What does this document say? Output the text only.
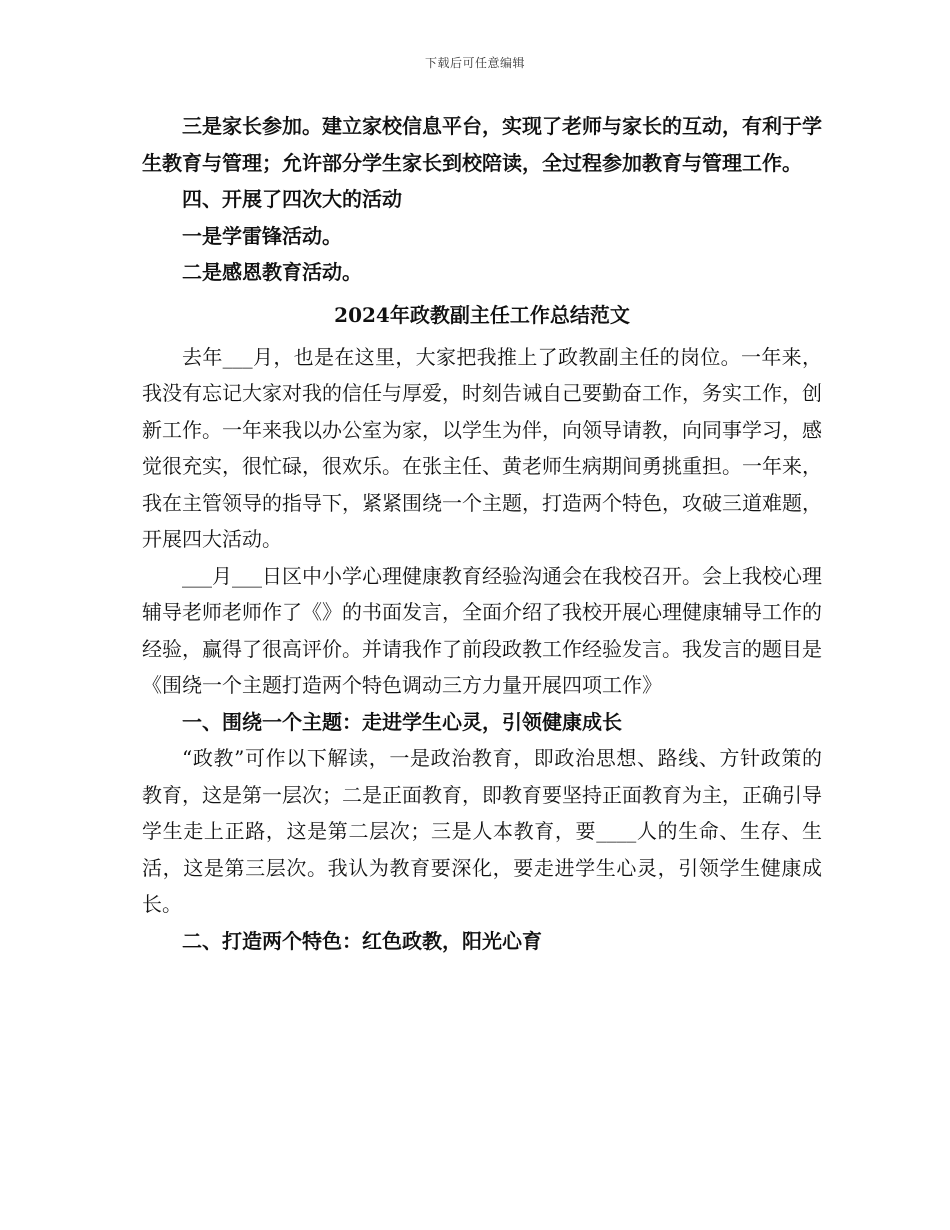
下载后可任意编辑

三是家长参加。建立家校信息平台，实现了老师与家长的互动，有利于学生教育与管理；允许部分学生家长到校陪读，全过程参加教育与管理工作。

四、开展了四次大的活动

一是学雷锋活动。

二是感恩教育活动。

2024年政教副主任工作总结范文

去年___月，也是在这里，大家把我推上了政教副主任的岗位。一年来，我没有忘记大家对我的信任与厚爱，时刻告诫自己要勤奋工作，务实工作，创新工作。一年来我以办公室为家，以学生为伴，向领导请教，向同事学习，感觉很充实，很忙碌，很欢乐。在张主任、黄老师生病期间勇挑重担。一年来，我在主管领导的指导下，紧紧围绕一个主题，打造两个特色，攻破三道难题，开展四大活动。

___月___日区中小学心理健康教育经验沟通会在我校召开。会上我校心理辅导老师老师作了《》的书面发言，全面介绍了我校开展心理健康辅导工作的经验，赢得了很高评价。并请我作了前段政教工作经验发言。我发言的题目是《围绕一个主题打造两个特色调动三方力量开展四项工作》

一、围绕一个主题：走进学生心灵，引领健康成长

“政教”可作以下解读，一是政治教育，即政治思想、路线、方针政策的教育，这是第一层次；二是正面教育，即教育要坚持正面教育为主，正确引导学生走上正路，这是第二层次；三是人本教育，要____人的生命、生存、生活，这是第三层次。我认为教育要深化，要走进学生心灵，引领学生健康成长。

二、打造两个特色：红色政教，阳光心育
